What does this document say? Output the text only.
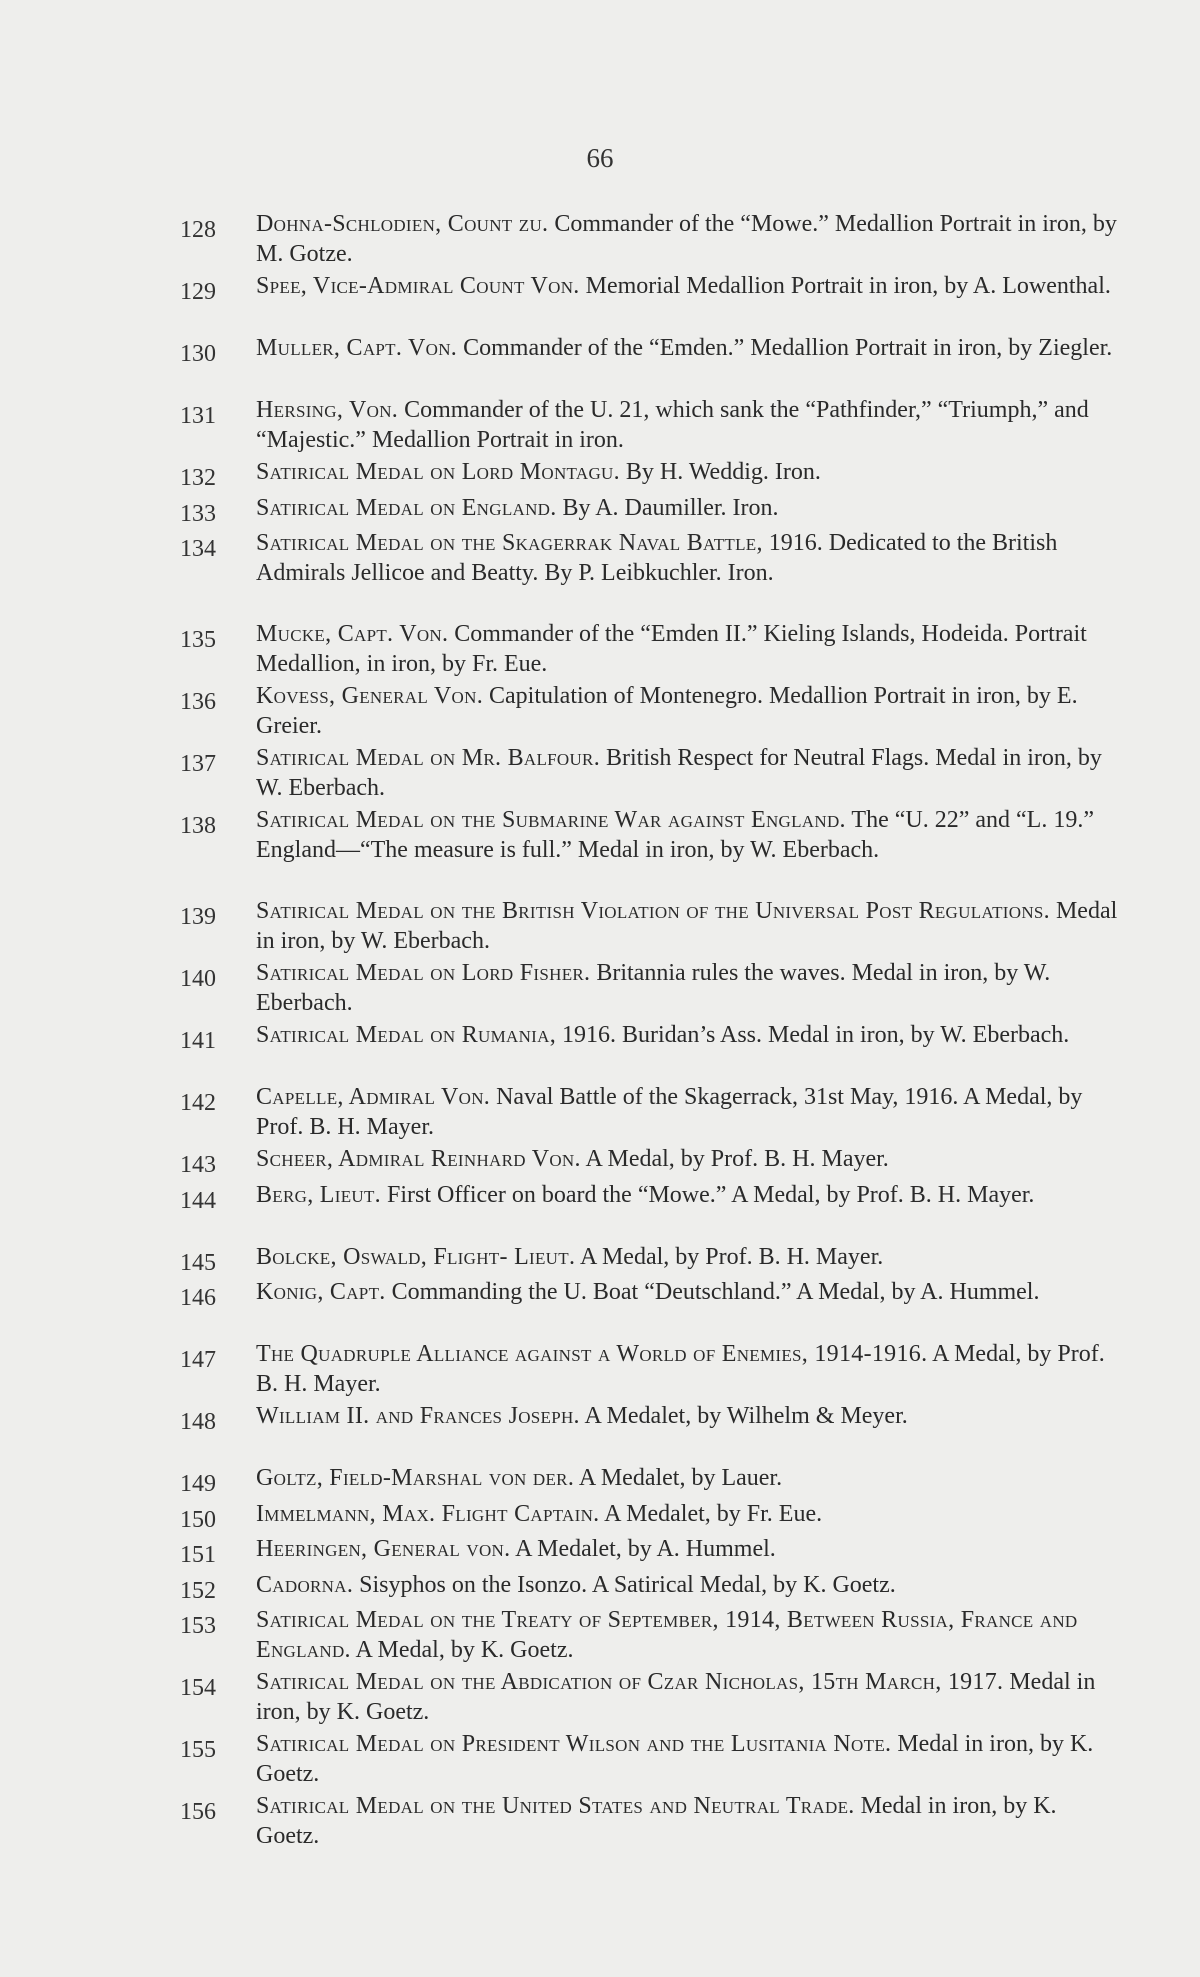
66
128	Dohna-Schlodien, Count zu. Commander of the “Mowe.” Medallion Portrait in iron, by M. Gotze.
129	Spee, Vice-Admiral Count Von. Memorial Medallion Portrait in iron, by A. Lowenthal.
130	Muller, Capt. Von. Commander of the “Emden.” Medallion Portrait in iron, by Ziegler.
131	Hersing, Von. Commander of the U. 21, which sank the “Pathfinder,” “Triumph,” and “Majestic.” Medallion Portrait in iron.
132	Satirical Medal on Lord Montagu. By H. Weddig. Iron.
133	Satirical Medal on England. By A. Daumiller. Iron.
134	Satirical Medal on the Skagerrak Naval Battle, 1916. Dedicated to the British Admirals Jellicoe and Beatty. By P. Leibkuchler. Iron.
135	Mucke, Capt. Von. Commander of the “Emden II.” Kieling Islands, Hodeida. Portrait Medallion, in iron, by Fr. Eue.
136	Kovess, General Von. Capitulation of Montenegro. Medallion Portrait in iron, by E. Greier.
137	Satirical Medal on Mr. Balfour. British Respect for Neutral Flags. Medal in iron, by W. Eberbach.
138	Satirical Medal on the Submarine War against England. The “U. 22” and “L. 19.” England—“The measure is full.” Medal in iron, by W. Eberbach.
139	Satirical Medal on the British Violation of the Universal Post Regulations. Medal in iron, by W. Eberbach.
140	Satirical Medal on Lord Fisher. Britannia rules the waves. Medal in iron, by W. Eberbach.
141	Satirical Medal on Rumania, 1916. Buridan’s Ass. Medal in iron, by W. Eberbach.
142	Capelle, Admiral Von. Naval Battle of the Skagerrack, 31st May, 1916. A Medal, by Prof. B. H. Mayer.
143	Scheer, Admiral Reinhard Von. A Medal, by Prof. B. H. Mayer.
144	Berg, Lieut. First Officer on board the “Mowe.” A Medal, by Prof. B. H. Mayer.
145	Bolcke, Oswald, Flight- Lieut. A Medal, by Prof. B. H. Mayer.
146	Konig, Capt. Commanding the U. Boat “Deutschland.” A Medal, by A. Hummel.
147	The Quadruple Alliance against a World of Enemies, 1914-1916. A Medal, by Prof. B. H. Mayer.
148	William II. and Frances Joseph. A Medalet, by Wilhelm & Meyer.
149	Goltz, Field-Marshal von der. A Medalet, by Lauer.
150	Immelmann, Max. Flight Captain. A Medalet, by Fr. Eue.
151	Heeringen, General von. A Medalet, by A. Hummel.
152	Cadorna. Sisyphos on the Isonzo. A Satirical Medal, by K. Goetz.
153	Satirical Medal on the Treaty of September, 1914, Between Russia, France and England. A Medal, by K. Goetz.
154	Satirical Medal on the Abdication of Czar Nicholas, 15th March, 1917. Medal in iron, by K. Goetz.
155	Satirical Medal on President Wilson and the Lusitania Note. Medal in iron, by K. Goetz.
156	Satirical Medal on the United States and Neutral Trade. Medal in iron, by K. Goetz.
